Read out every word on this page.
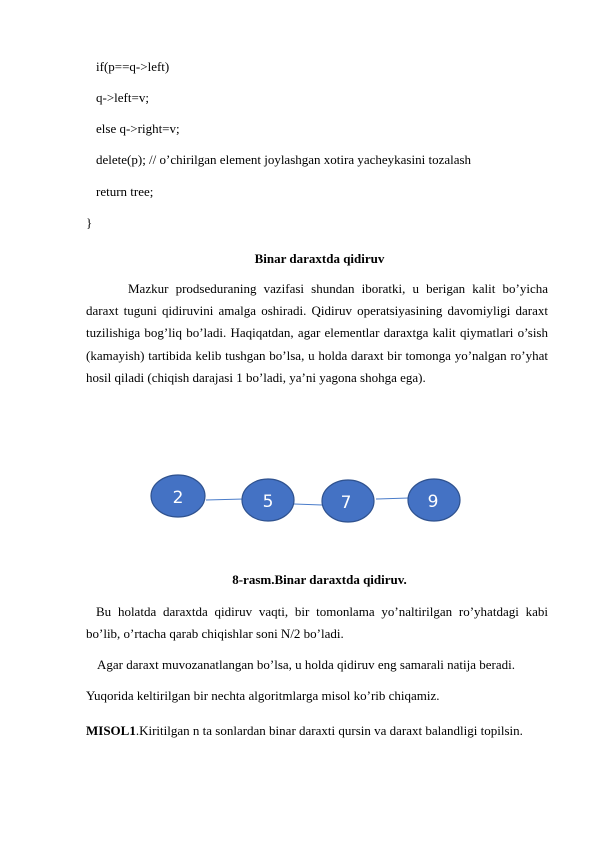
if(p==q->left)
q->left=v;
else q->right=v;
delete(p); // o’chirilgan element joylashgan xotira yacheykasini tozalash
return tree;
}
Binar daraxtda qidiruv
Mazkur prodseduraning vazifasi shundan iboratki, u berigan kalit bo’yicha daraxt tuguni qidiruvini amalga oshiradi. Qidiruv operatsiyasining davomiyligi daraxt tuzilishiga bog’liq bo’ladi. Haqiqatdan, agar elementlar daraxtga kalit qiymatlari o’sish (kamayish) tartibida kelib tushgan bo’lsa, u holda daraxt bir tomonga yo’nalgan ro’yhat hosil qiladi (chiqish darajasi 1 bo’ladi, ya’ni yagona shohga ega).
2	5	7	9
8-rasm.Binar daraxtda qidiruv.
Bu holatda daraxtda qidiruv vaqti, bir tomonlama yo’naltirilgan ro’yhatdagi kabi bo’lib, o’rtacha qarab chiqishlar soni N/2 bo’ladi.
Agar daraxt muvozanatlangan bo’lsa, u holda qidiruv eng samarali natija beradi.
Yuqorida keltirilgan bir nechta algoritmlarga misol ko’rib chiqamiz.
MISOL1.Kiritilgan n ta sonlardan binar daraxti qursin va daraxt balandligi topilsin.
